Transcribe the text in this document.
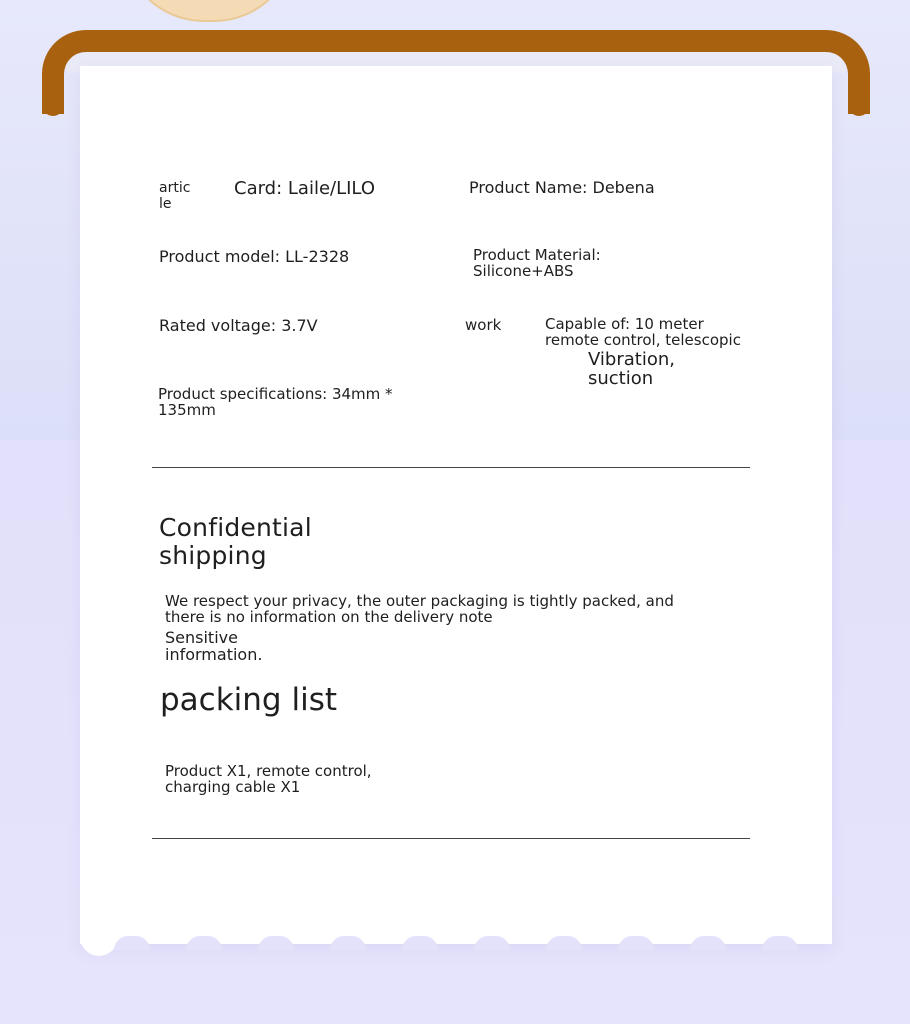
artic
le

Card: Laile/LILO	Product Name: Debena

Product model: LL-2328	Product Material:
Silicone+ABS

Rated voltage: 3.7V	work	Capable of: 10 meter
remote control, telescopic

Vibration,
suction

Product specifications: 34mm *
135mm

Confidential
shipping

We respect your privacy, the outer packaging is tightly packed, and
there is no information on the delivery note

Sensitive
information.

packing list

Product X1, remote control,
charging cable X1
